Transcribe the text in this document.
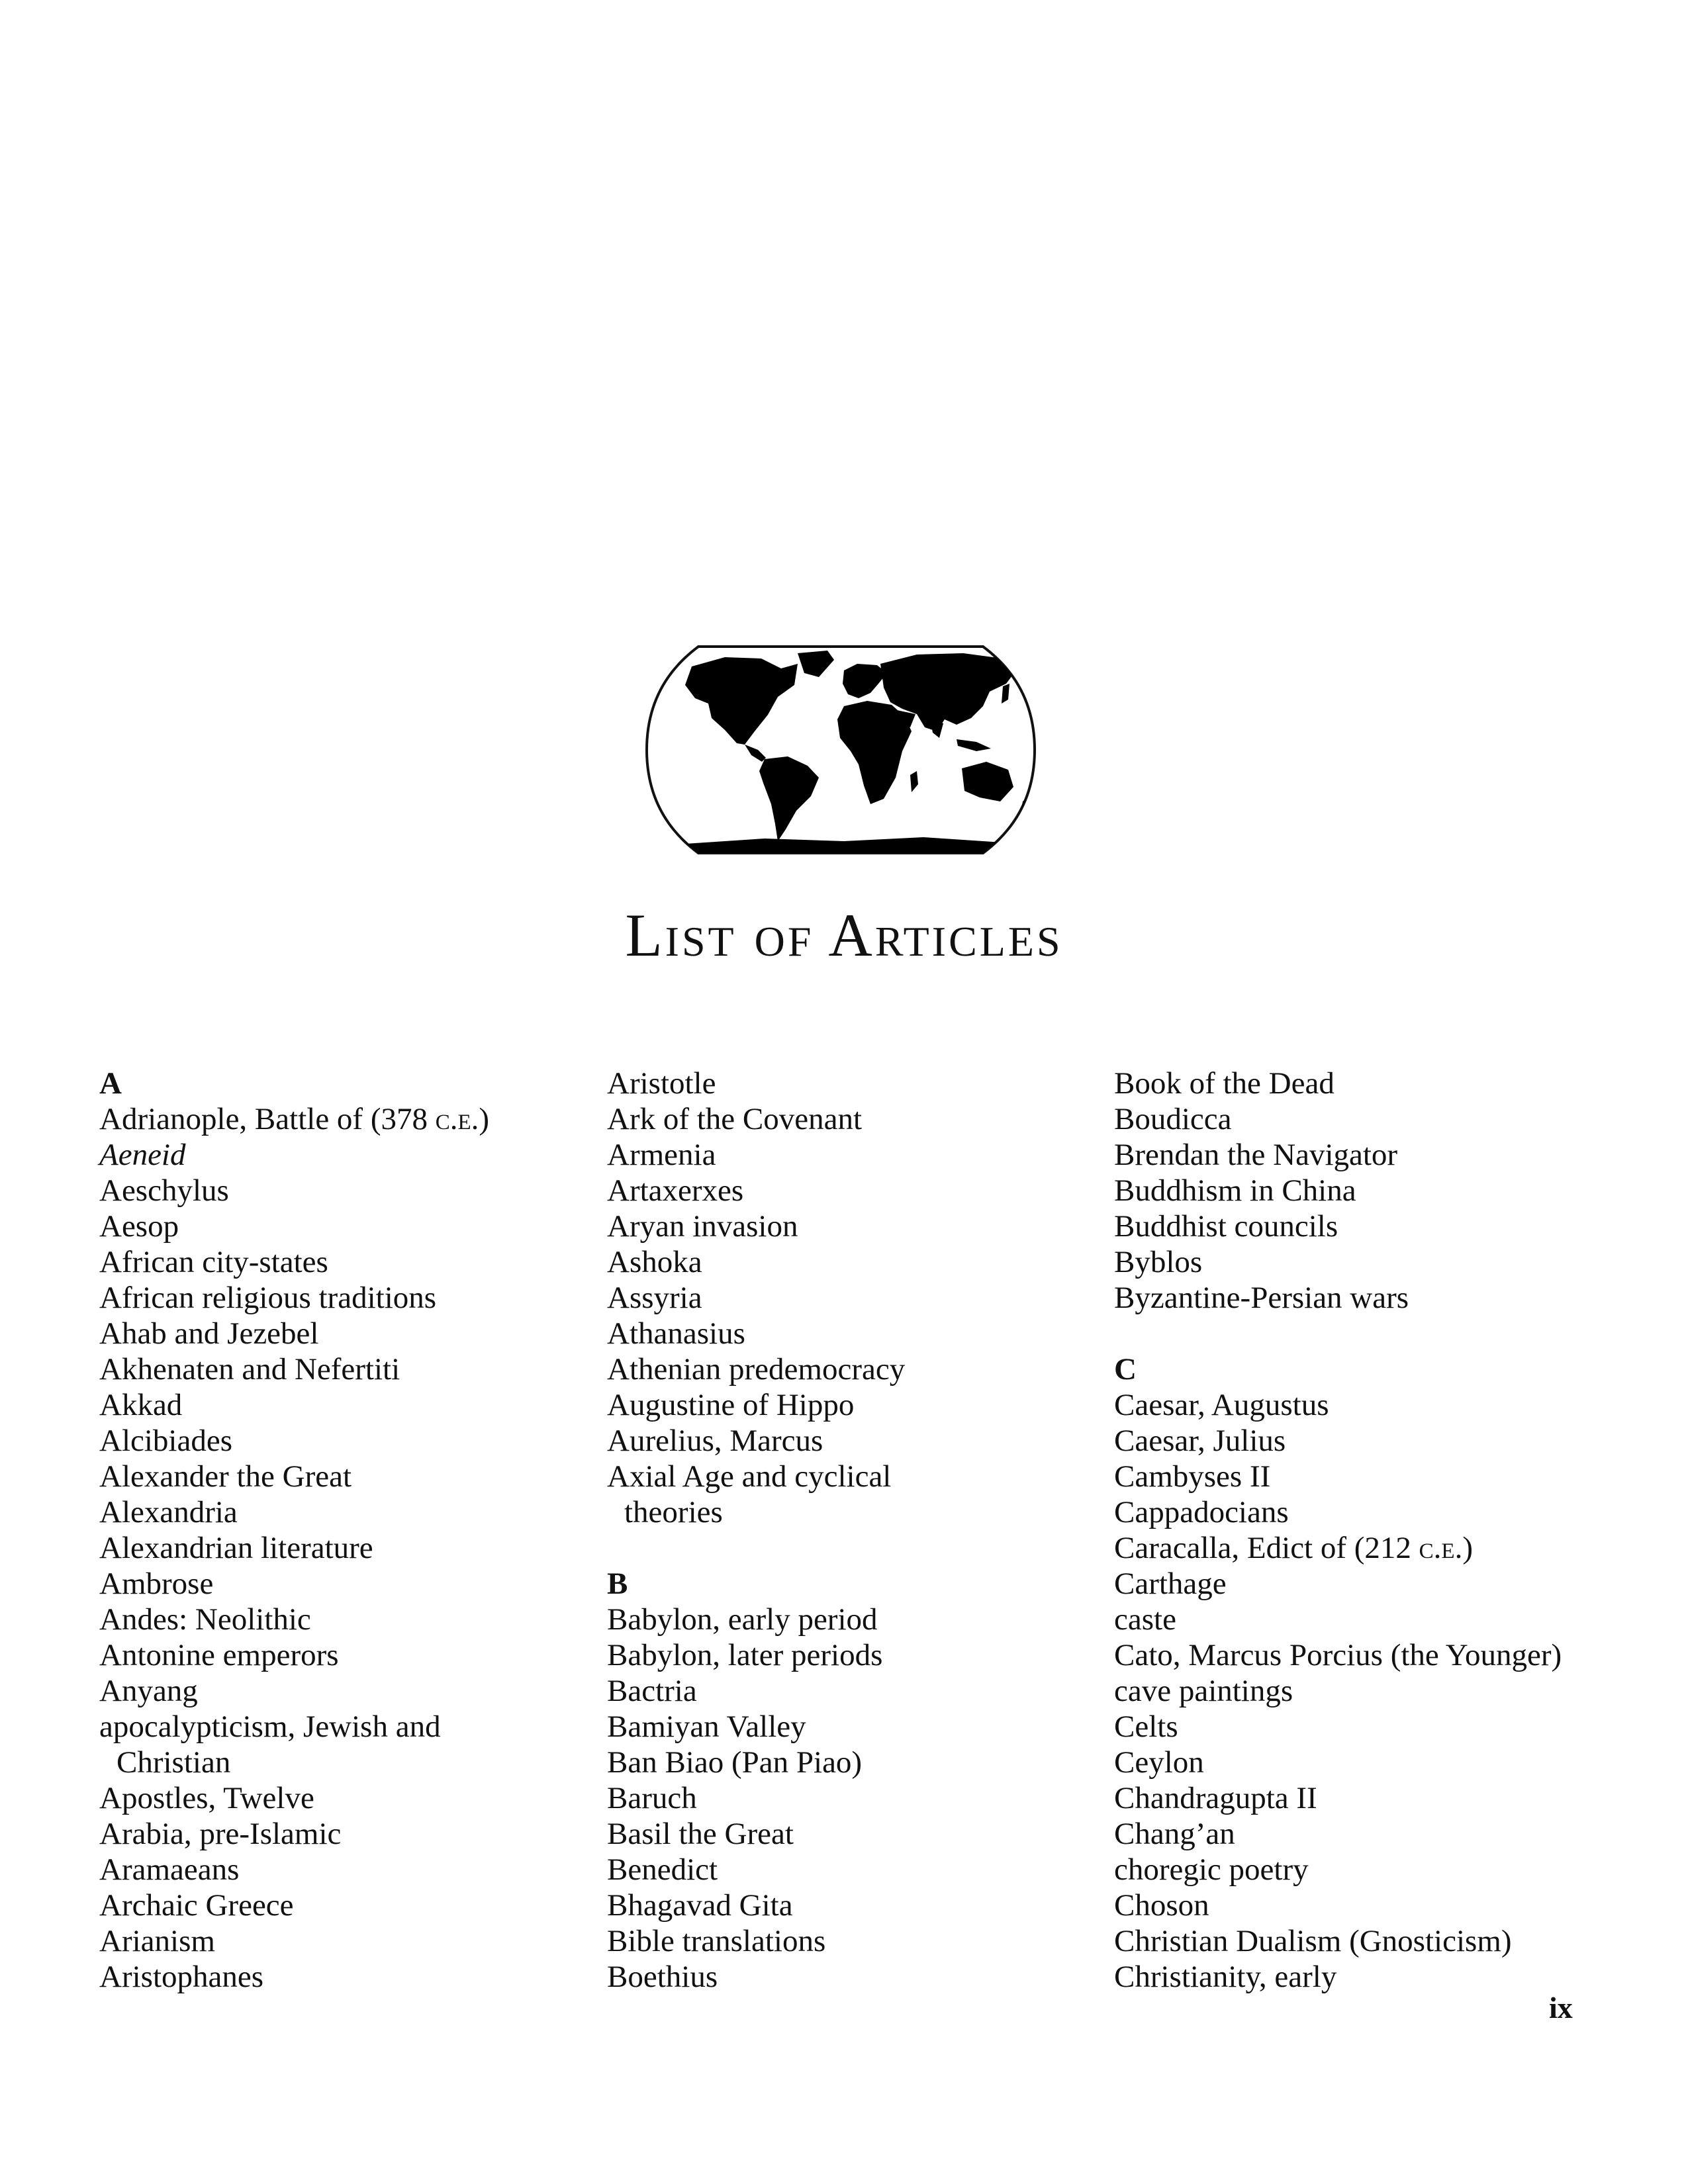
List of Articles
A
Adrianople, Battle of (378 c.e.)
Aeneid
Aeschylus
Aesop
African city-states
African religious traditions
Ahab and Jezebel
Akhenaten and Nefertiti
Akkad
Alcibiades
Alexander the Great
Alexandria
Alexandrian literature
Ambrose
Andes: Neolithic
Antonine emperors
Anyang
apocalypticism, Jewish and
Christian
Apostles, Twelve
Arabia, pre-Islamic
Aramaeans
Archaic Greece
Arianism
Aristophanes
Aristotle
Ark of the Covenant
Armenia
Artaxerxes
Aryan invasion
Ashoka
Assyria
Athanasius
Athenian predemocracy
Augustine of Hippo
Aurelius, Marcus
Axial Age and cyclical
theories
B
Babylon, early period
Babylon, later periods
Bactria
Bamiyan Valley
Ban Biao (Pan Piao)
Baruch
Basil the Great
Benedict
Bhagavad Gita
Bible translations
Boethius
Book of the Dead
Boudicca
Brendan the Navigator
Buddhism in China
Buddhist councils
Byblos
Byzantine-Persian wars
C
Caesar, Augustus
Caesar, Julius
Cambyses II
Cappadocians
Caracalla, Edict of (212 c.e.)
Carthage
caste
Cato, Marcus Porcius (the Younger)
cave paintings
Celts
Ceylon
Chandragupta II
Chang’an
choregic poetry
Choson
Christian Dualism (Gnosticism)
Christianity, early
ix
